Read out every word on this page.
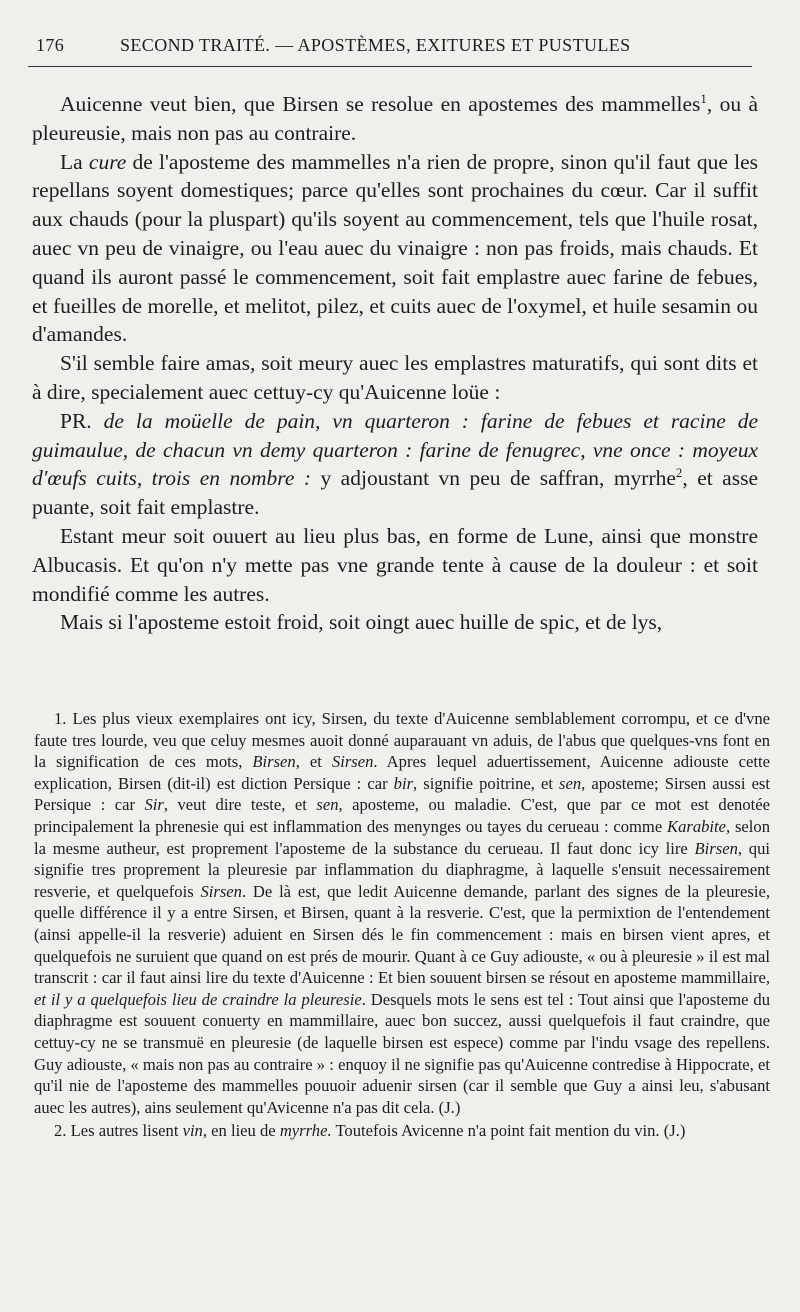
176	SECOND TRAITÉ. — APOSTÈMES, EXITURES ET PUSTULES

Auicenne veut bien, que Birsen se resolue en apostemes des mammelles$^1$, ou à pleureusie, mais non pas au contraire.

La cure de l'aposteme des mammelles n'a rien de propre, sinon qu'il faut que les repellans soyent domestiques; parce qu'elles sont prochaines du cœur. Car il suffit aux chauds (pour la pluspart) qu'ils soyent au commencement, tels que l'huile rosat, auec vn peu de vinaigre, ou l'eau auec du vinaigre : non pas froids, mais chauds. Et quand ils auront passé le commencement, soit fait emplastre auec farine de febues, et fueilles de morelle, et melitot, pilez, et cuits auec de l'oxymel, et huile sesamin ou d'amandes.

S'il semble faire amas, soit meury auec les emplastres maturatifs, qui sont dits et à dire, specialement auec cettuy-cy qu'Auicenne loüe :

PR. de la moüelle de pain, vn quarteron : farine de febues et racine de guimaulue, de chacun vn demy quarteron : farine de fenugrec, vne once : moyeux d'œufs cuits, trois en nombre : y adjoustant vn peu de saffran, myrrhe$^2$, et asse puante, soit fait emplastre.

Estant meur soit ouuert au lieu plus bas, en forme de Lune, ainsi que monstre Albucasis. Et qu'on n'y mette pas vne grande tente à cause de la douleur : et soit mondifié comme les autres.

Mais si l'aposteme estoit froid, soit oingt auec huille de spic, et de lys,

1. Les plus vieux exemplaires ont icy, Sirsen, du texte d'Auicenne semblablement corrompu, et ce d'vne faute tres lourde, veu que celuy mesmes auoit donné auparauant vn aduis, de l'abus que quelques-vns font en la signification de ces mots, Birsen, et Sirsen. Apres lequel aduertissement, Auicenne adiouste cette explication, Birsen (dit-il) est diction Persique : car bir, signifie poitrine, et sen, aposteme; Sirsen aussi est Persique : car Sir, veut dire teste, et sen, aposteme, ou maladie. C'est, que par ce mot est denotée principalement la phrenesie qui est inflammation des menynges ou tayes du cerueau : comme Karabite, selon la mesme autheur, est proprement l'aposteme de la substance du cerueau. Il faut donc icy lire Birsen, qui signifie tres proprement la pleuresie par inflammation du diaphragme, à laquelle s'ensuit necessairement resverie, et quelquefois Sirsen. De là est, que ledit Auicenne demande, parlant des signes de la pleuresie, quelle différence il y a entre Sirsen, et Birsen, quant à la resverie. C'est, que la permixtion de l'entendement (ainsi appelle-il la resverie) aduient en Sirsen dés le fin commencement : mais en birsen vient apres, et quelquefois ne suruient que quand on est prés de mourir. Quant à ce Guy adiouste, « ou à pleuresie » il est mal transcrit : car il faut ainsi lire du texte d'Auicenne : Et bien souuent birsen se résout en aposteme mammillaire, et il y a quelquefois lieu de craindre la pleuresie. Desquels mots le sens est tel : Tout ainsi que l'aposteme du diaphragme est souuent conuerty en mammillaire, auec bon succez, aussi quelquefois il faut craindre, que cettuy-cy ne se transmuë en pleuresie (de laquelle birsen est espece) comme par l'indu vsage des repellens. Guy adiouste, « mais non pas au contraire » : enquoy il ne signifie pas qu'Auicenne contredise à Hippocrate, et qu'il nie de l'aposteme des mammelles pouuoir aduenir sirsen (car il semble que Guy a ainsi leu, s'abusant auec les autres), ains seulement qu'Avicenne n'a pas dit cela. (J.)

2. Les autres lisent vin, en lieu de myrrhe. Toutefois Avicenne n'a point fait mention du vin. (J.)
